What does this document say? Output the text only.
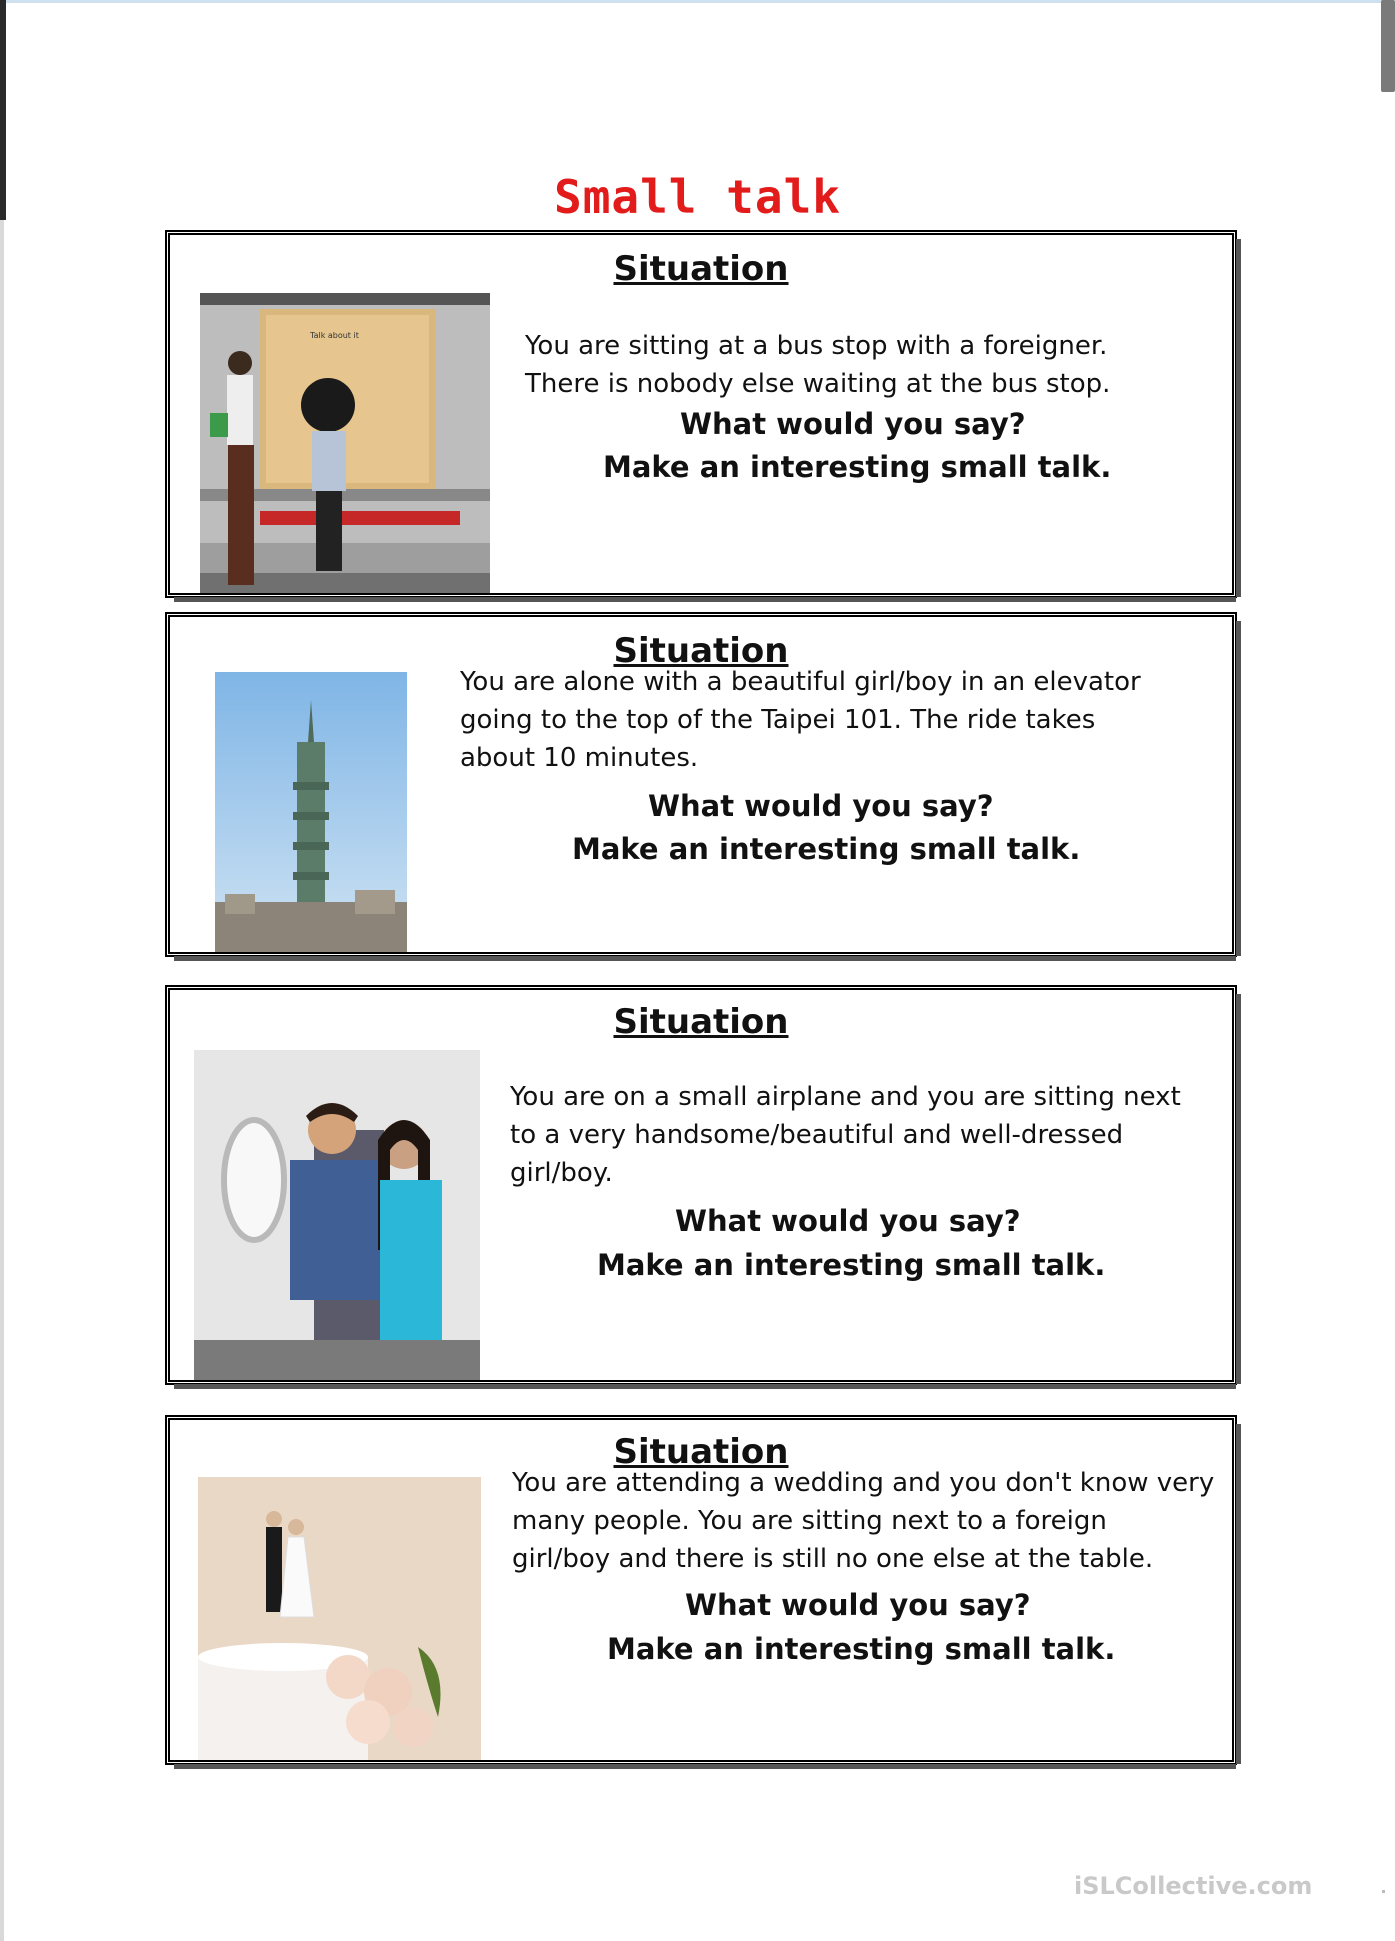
Small talk
Situation
Talk about it	You are sitting at a bus stop with a foreigner.
There is nobody else waiting at the bus stop.
What would you say?
Make an interesting small talk.
Situation
You are alone with a beautiful girl/boy in an elevator
going to the top of the Taipei 101. The ride takes
about 10 minutes.
What would you say?
Make an interesting small talk.
Situation
You are on a small airplane and you are sitting next
to a very handsome/beautiful and well-dressed
girl/boy.
What would you say?
Make an interesting small talk.
Situation
You are attending a wedding and you don't know very
many people. You are sitting next to a foreign
girl/boy and there is still no one else at the table.
What would you say?
Make an interesting small talk.
iSLCollective.com
